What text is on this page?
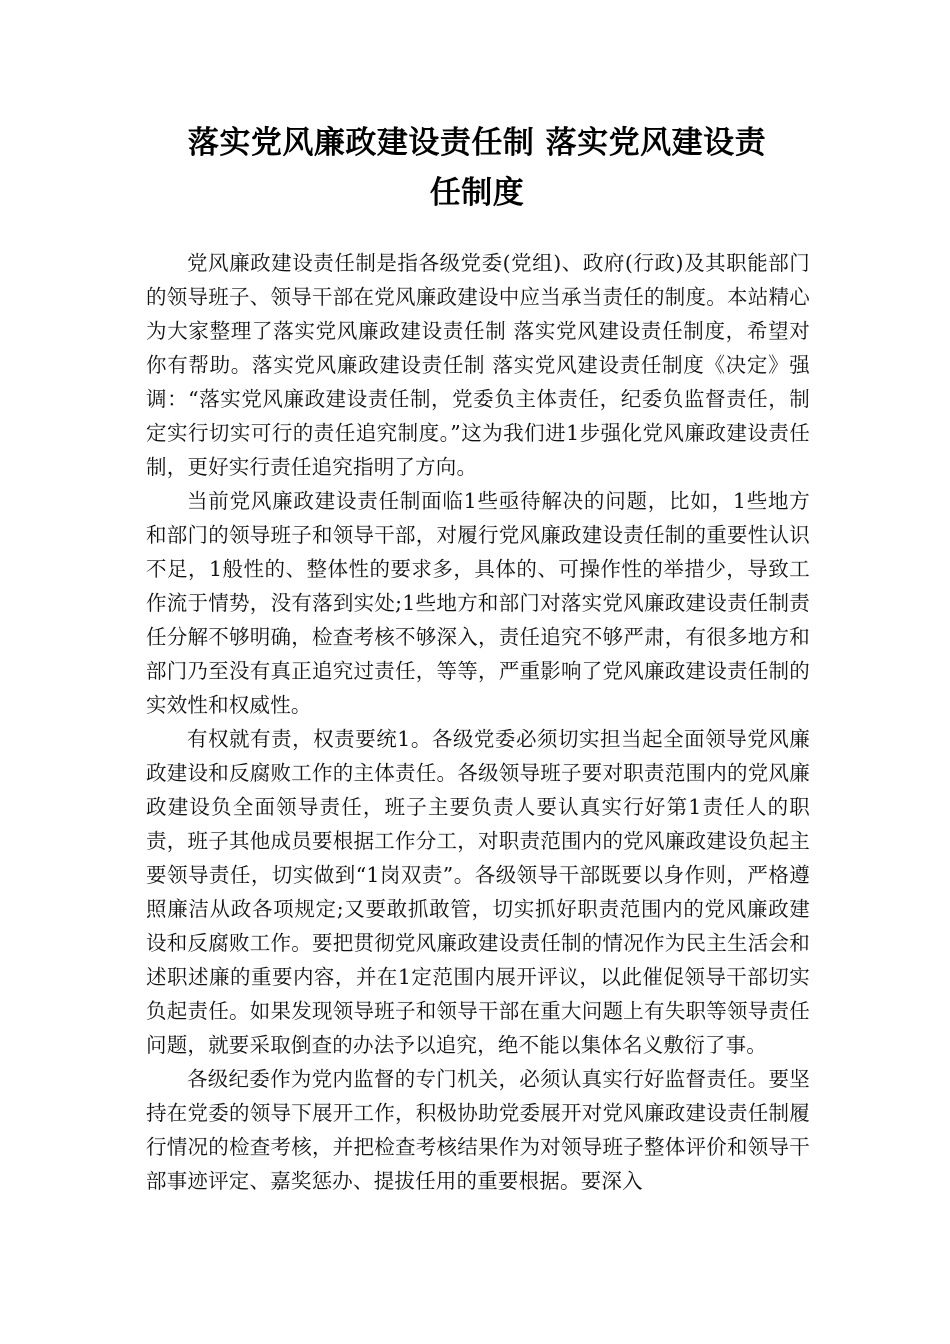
落实党风廉政建设责任制 落实党风建设责
任制度

党风廉政建设责任制是指各级党委(党组)、政府(行政)及其职能部门的领导班子、领导干部在党风廉政建设中应当承当责任的制度。本站精心为大家整理了落实党风廉政建设责任制 落实党风建设责任制度，希望对你有帮助。落实党风廉政建设责任制 落实党风建设责任制度《决定》强调：“落实党风廉政建设责任制，党委负主体责任，纪委负监督责任，制定实行切实可行的责任追究制度。”这为我们进1步强化党风廉政建设责任制，更好实行责任追究指明了方向。

当前党风廉政建设责任制面临1些亟待解决的问题，比如，1些地方和部门的领导班子和领导干部，对履行党风廉政建设责任制的重要性认识不足，1般性的、整体性的要求多，具体的、可操作性的举措少，导致工作流于情势，没有落到实处;1些地方和部门对落实党风廉政建设责任制责任分解不够明确，检查考核不够深入，责任追究不够严肃，有很多地方和部门乃至没有真正追究过责任，等等，严重影响了党风廉政建设责任制的实效性和权威性。

有权就有责，权责要统1。各级党委必须切实担当起全面领导党风廉政建设和反腐败工作的主体责任。各级领导班子要对职责范围内的党风廉政建设负全面领导责任，班子主要负责人要认真实行好第1责任人的职责，班子其他成员要根据工作分工，对职责范围内的党风廉政建设负起主要领导责任，切实做到“1岗双责”。各级领导干部既要以身作则，严格遵照廉洁从政各项规定;又要敢抓敢管，切实抓好职责范围内的党风廉政建设和反腐败工作。要把贯彻党风廉政建设责任制的情况作为民主生活会和述职述廉的重要内容，并在1定范围内展开评议，以此催促领导干部切实负起责任。如果发现领导班子和领导干部在重大问题上有失职等领导责任问题，就要采取倒查的办法予以追究，绝不能以集体名义敷衍了事。

各级纪委作为党内监督的专门机关，必须认真实行好监督责任。要坚持在党委的领导下展开工作，积极协助党委展开对党风廉政建设责任制履行情况的检查考核，并把检查考核结果作为对领导班子整体评价和领导干部事迹评定、嘉奖惩办、提拔任用的重要根据。要深入
